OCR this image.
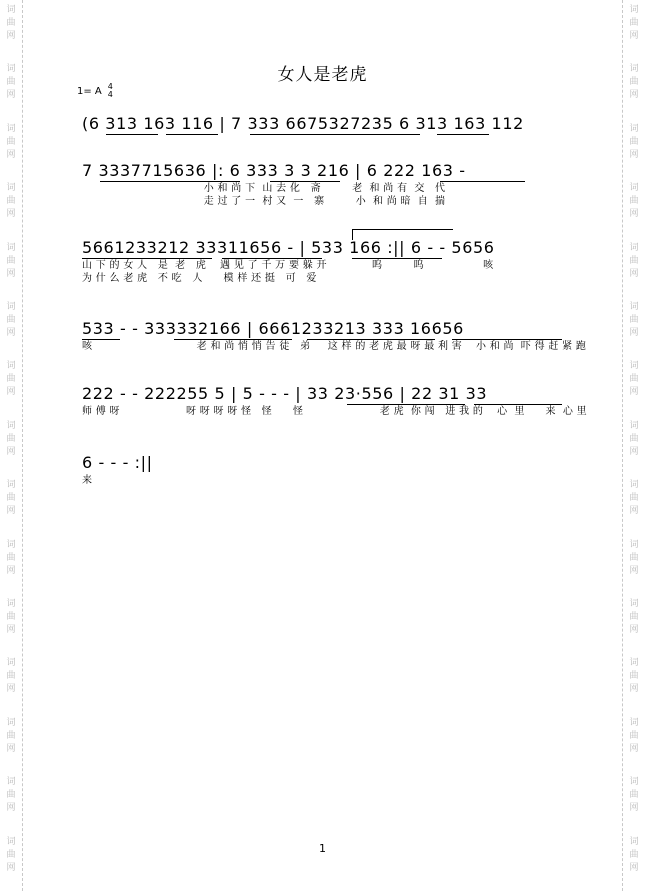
词
曲
网
词
曲
网
词
曲
网
词
曲
网
词
曲
网
词
曲
网
词
曲
网
词
曲
网
词
曲
网
词
曲
网
词
曲
网
词
曲
网
词
曲
网
词
曲
网
词
曲
网
词
曲
网
词
曲
网
词
曲
网
词
曲
网
词
曲
网
词
曲
网
词
曲
网
词
曲
网
词
曲
网
词
曲
网
词
曲
网
词
曲
网
词
曲
网
词
曲
网
词
曲
网
女人是老虎
1= A 4
4
(6 313 163 116 | 7 333 6675327235 6 313 163 112
7 3337715636 |: 6 333 3 3 216 | 6 222 163 -
小 和 尚 下  山 去 化   斋         老  和 尚 有  交   代
走 过 了 一  村 又  一   寨         小  和 尚 暗  自  揣
5661233212 33311656 - | 533 166 :|| 6 - - 5656
山 下 的 女 人   是  老   虎    遇 见 了 千 万 要 躲 开             呜         呜                 咳
为 什 么 老 虎   不 吃   人      模 样 还 挺   可   爱
533 - - 333332166 | 6661233213 333 16656
咳                              老 和 尚 悄 悄 告 徒   弟     这 样 的 老 虎 最 呀 最 利 害    小 和 尚  吓 得 赶 紧 跑
222 - - 222255 5 | 5 - - - | 33 23·556 | 22 31 33
师 傅 呀                   呀 呀 呀 呀 怪   怪      怪                      老 虎  你 闯   进 我 的    心  里      来  心 里
6 - - - :||
来
1
